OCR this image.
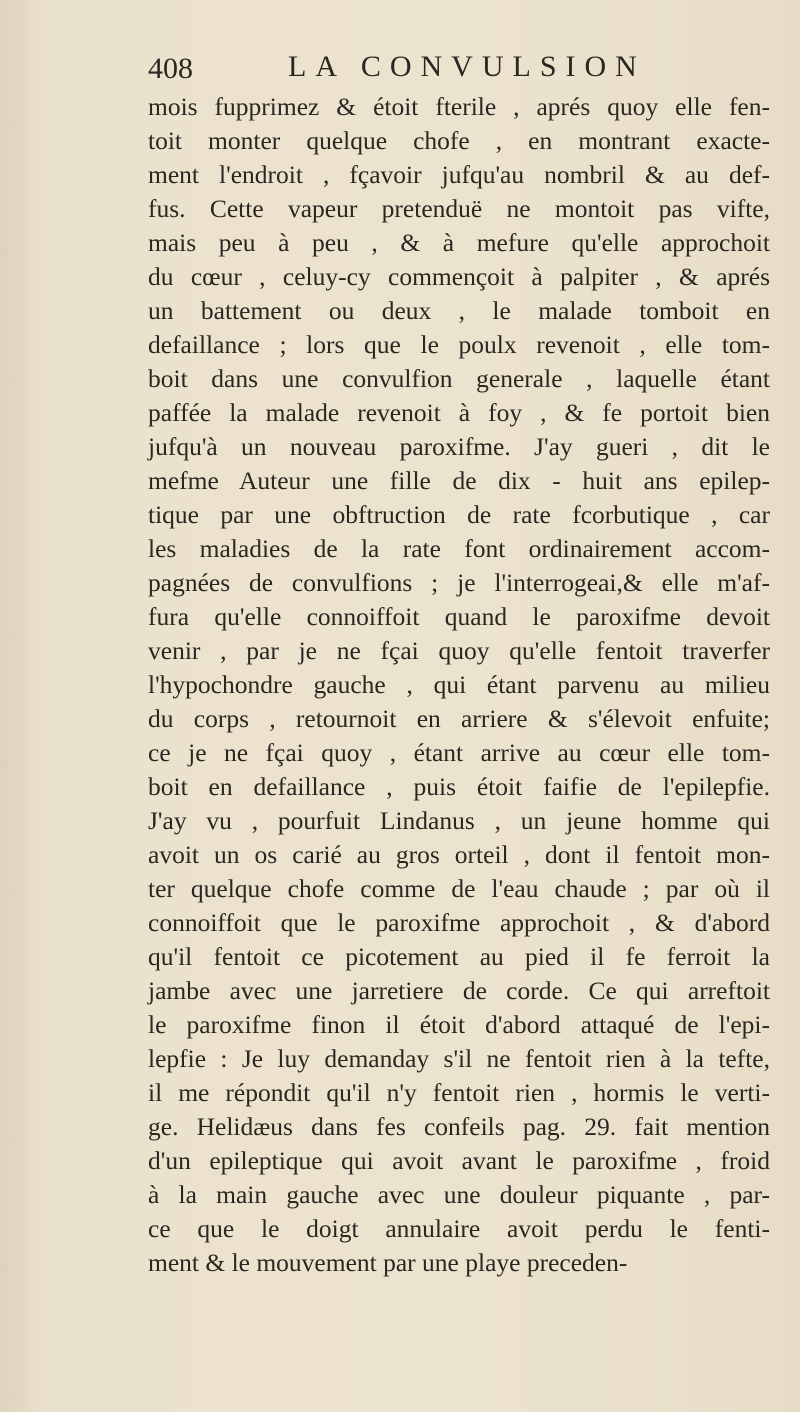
408	LA CONVULSION
mois fupprimez & étoit fterile , aprés quoy elle fen-
toit monter quelque chofe , en montrant exacte-
ment l'endroit , fçavoir jufqu'au nombril & au def-
fus. Cette vapeur pretenduë ne montoit pas vifte,
mais peu à peu , & à mefure qu'elle approchoit
du cœur , celuy-cy commençoit à palpiter , & aprés
un battement ou deux , le malade tomboit en
defaillance ; lors que le poulx revenoit , elle tom-
boit dans une convulfion generale , laquelle étant
paffée la malade revenoit à foy , & fe portoit bien
jufqu'à un nouveau paroxifme. J'ay gueri , dit le
mefme Auteur une fille de dix - huit ans epilep-
tique par une obftruction de rate fcorbutique , car
les maladies de la rate font ordinairement accom-
pagnées de convulfions ; je l'interrogeai,& elle m'af-
fura qu'elle connoiffoit quand le paroxifme devoit
venir , par je ne fçai quoy qu'elle fentoit traverfer
l'hypochondre gauche , qui étant parvenu au milieu
du corps , retournoit en arriere & s'élevoit enfuite;
ce je ne fçai quoy , étant arrive au cœur elle tom-
boit en defaillance , puis étoit faifie de l'epilepfie.
J'ay vu , pourfuit Lindanus , un jeune homme qui
avoit un os carié au gros orteil , dont il fentoit mon-
ter quelque chofe comme de l'eau chaude ; par où il
connoiffoit que le paroxifme approchoit , & d'abord
qu'il fentoit ce picotement au pied il fe ferroit la
jambe avec une jarretiere de corde. Ce qui arreftoit
le paroxifme finon il étoit d'abord attaqué de l'epi-
lepfie : Je luy demanday s'il ne fentoit rien à la tefte,
il me répondit qu'il n'y fentoit rien , hormis le verti-
ge. Helidæus dans fes confeils pag. 29. fait mention
d'un epileptique qui avoit avant le paroxifme , froid
à la main gauche avec une douleur piquante , par-
ce que le doigt annulaire avoit perdu le fenti-
ment & le mouvement par une playe preceden-
